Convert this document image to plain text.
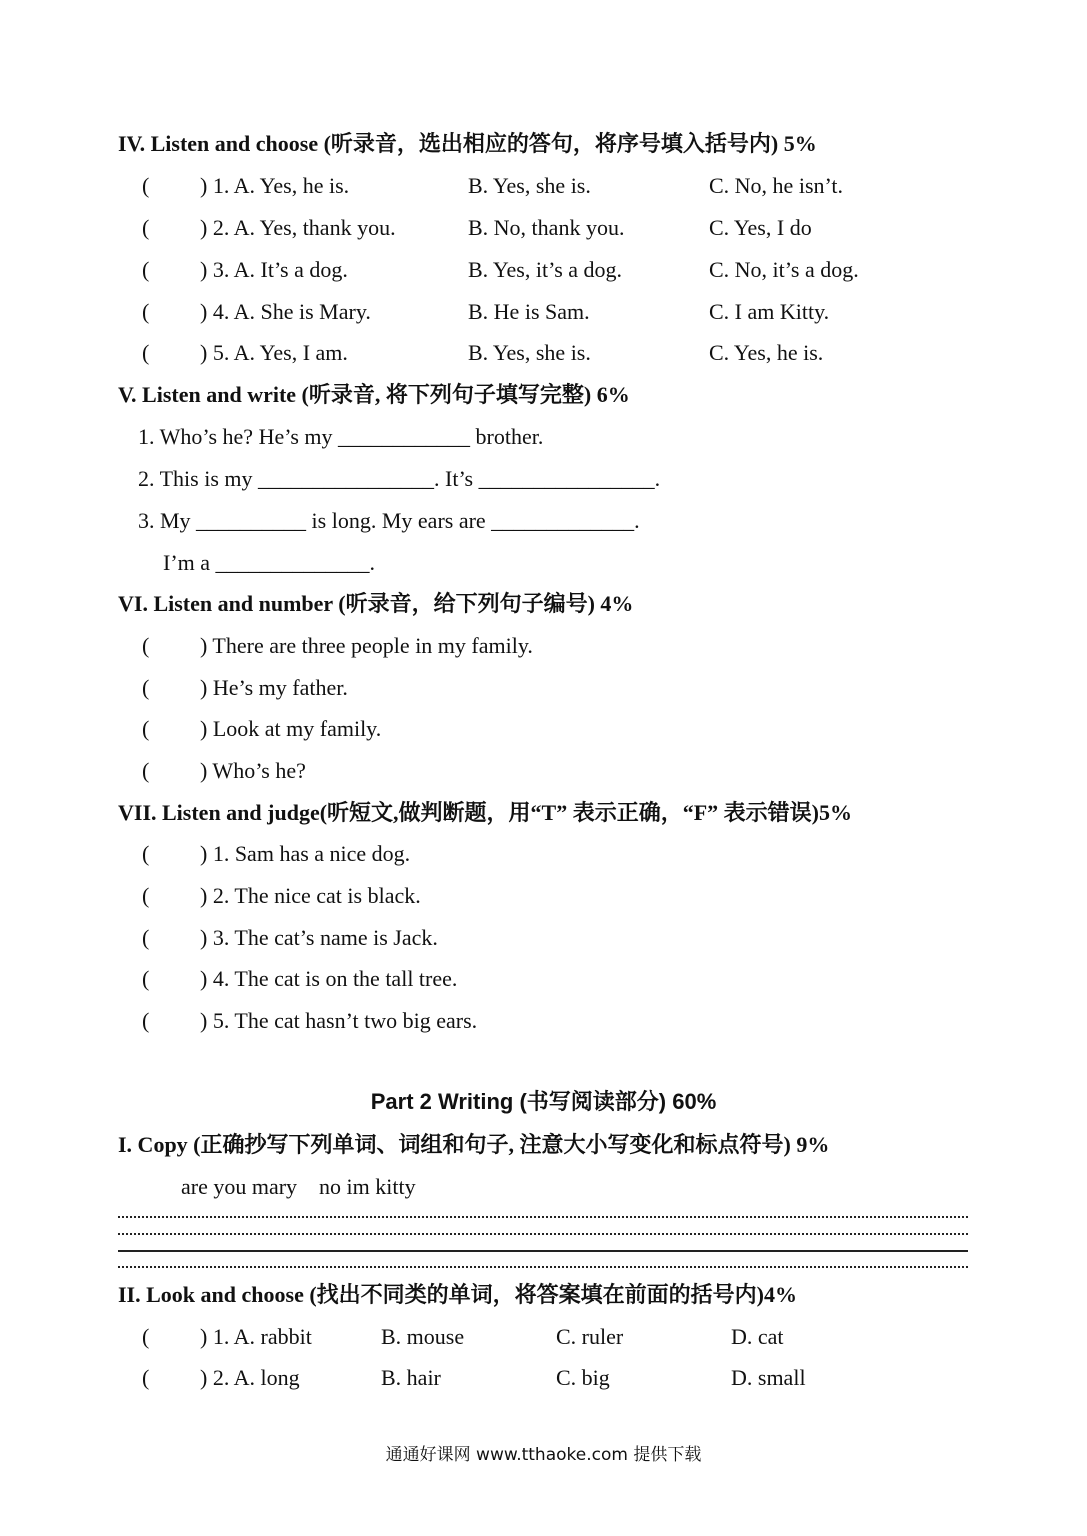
IV. Listen and choose (听录音，选出相应的答句，将序号填入括号内) 5%
( ) 1. A. Yes, he is.	B. Yes, she is.	C. No, he isn’t.
( ) 2. A. Yes, thank you.	B. No, thank you.	C. Yes, I do
( ) 3. A. It’s a dog.	B. Yes, it’s a dog.	C. No, it’s a dog.
( ) 4. A. She is Mary.	B. He is Sam.	C. I am Kitty.
( ) 5. A. Yes, I am.	B. Yes, she is.	C. Yes, he is.
V. Listen and write (听录音, 将下列句子填写完整) 6%
1. Who’s he? He’s my ____________ brother.
2. This is my ________________. It’s ________________.
3. My __________ is long. My ears are _____________.
I’m a ______________.
VI. Listen and number (听录音，给下列句子编号) 4%
( ) There are three people in my family.
( ) He’s my father.
( ) Look at my family.
( ) Who’s he?
VII. Listen and judge(听短文,做判断题，用“T” 表示正确，“F” 表示错误)5%
( ) 1. Sam has a nice dog.
( ) 2. The nice cat is black.
( ) 3. The cat’s name is Jack.
( ) 4. The cat is on the tall tree.
( ) 5. The cat hasn’t two big ears.
Part 2 Writing (书写阅读部分) 60%
I. Copy (正确抄写下列单词、词组和句子, 注意大小写变化和标点符号) 9%
are you mary    no im kitty
II. Look and choose (找出不同类的单词，将答案填在前面的括号内)4%
( ) 1. A. rabbit	B. mouse	C. ruler	D. cat
( ) 2. A. long	B. hair	C. big	D. small
通通好课网 www.tthaoke.com 提供下载
